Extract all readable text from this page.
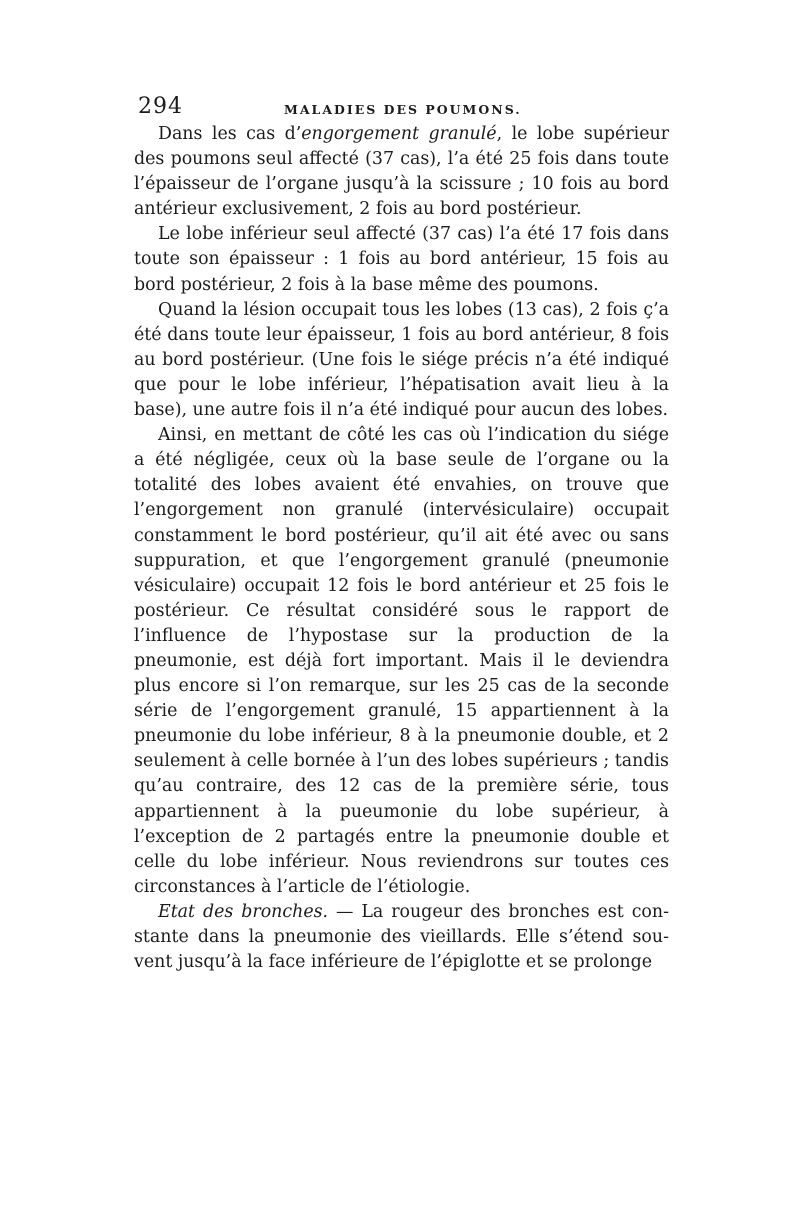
294	MALADIES DES POUMONS.

Dans les cas d’engorgement granulé, le lobe supérieur des poumons seul affecté (37 cas), l’a été 25 fois dans toute l’épaisseur de l’organe jusqu’à la scissure ; 10 fois au bord antérieur exclusivement, 2 fois au bord postérieur.

Le lobe inférieur seul affecté (37 cas) l’a été 17 fois dans toute son épaisseur : 1 fois au bord antérieur, 15 fois au bord postérieur, 2 fois à la base même des poumons.

Quand la lésion occupait tous les lobes (13 cas), 2 fois ç’a été dans toute leur épaisseur, 1 fois au bord antérieur, 8 fois au bord postérieur. (Une fois le siége précis n’a été indiqué que pour le lobe inférieur, l’hépatisation avait lieu à la base), une autre fois il n’a été indiqué pour aucun des lobes.

Ainsi, en mettant de côté les cas où l’indication du siége a été négligée, ceux où la base seule de l’organe ou la totalité des lobes avaient été envahies, on trouve que l’engorgement non granulé (intervésiculaire) occupait constamment le bord postérieur, qu’il ait été avec ou sans suppuration, et que l’engorgement granulé (pneumonie vésiculaire) occupait 12 fois le bord antérieur et 25 fois le postérieur. Ce résultat considéré sous le rapport de l’influence de l’hypostase sur la production de la pneumonie, est déjà fort important. Mais il le deviendra plus encore si l’on remarque, sur les 25 cas de la seconde série de l’engorgement granulé, 15 appartiennent à la pneumonie du lobe inférieur, 8 à la pneumonie double, et 2 seulement à celle bornée à l’un des lobes supérieurs ; tandis qu’au contraire, des 12 cas de la première série, tous appartiennent à la pueumonie du lobe supérieur, à l’exception de 2 partagés entre la pneumonie double et celle du lobe inférieur. Nous reviendrons sur toutes ces circonstances à l’article de l’étiologie.

Etat des bronches. — La rougeur des bronches est constante dans la pneumonie des vieillards. Elle s’étend souvent jusqu’à la face inférieure de l’épiglotte et se prolonge
